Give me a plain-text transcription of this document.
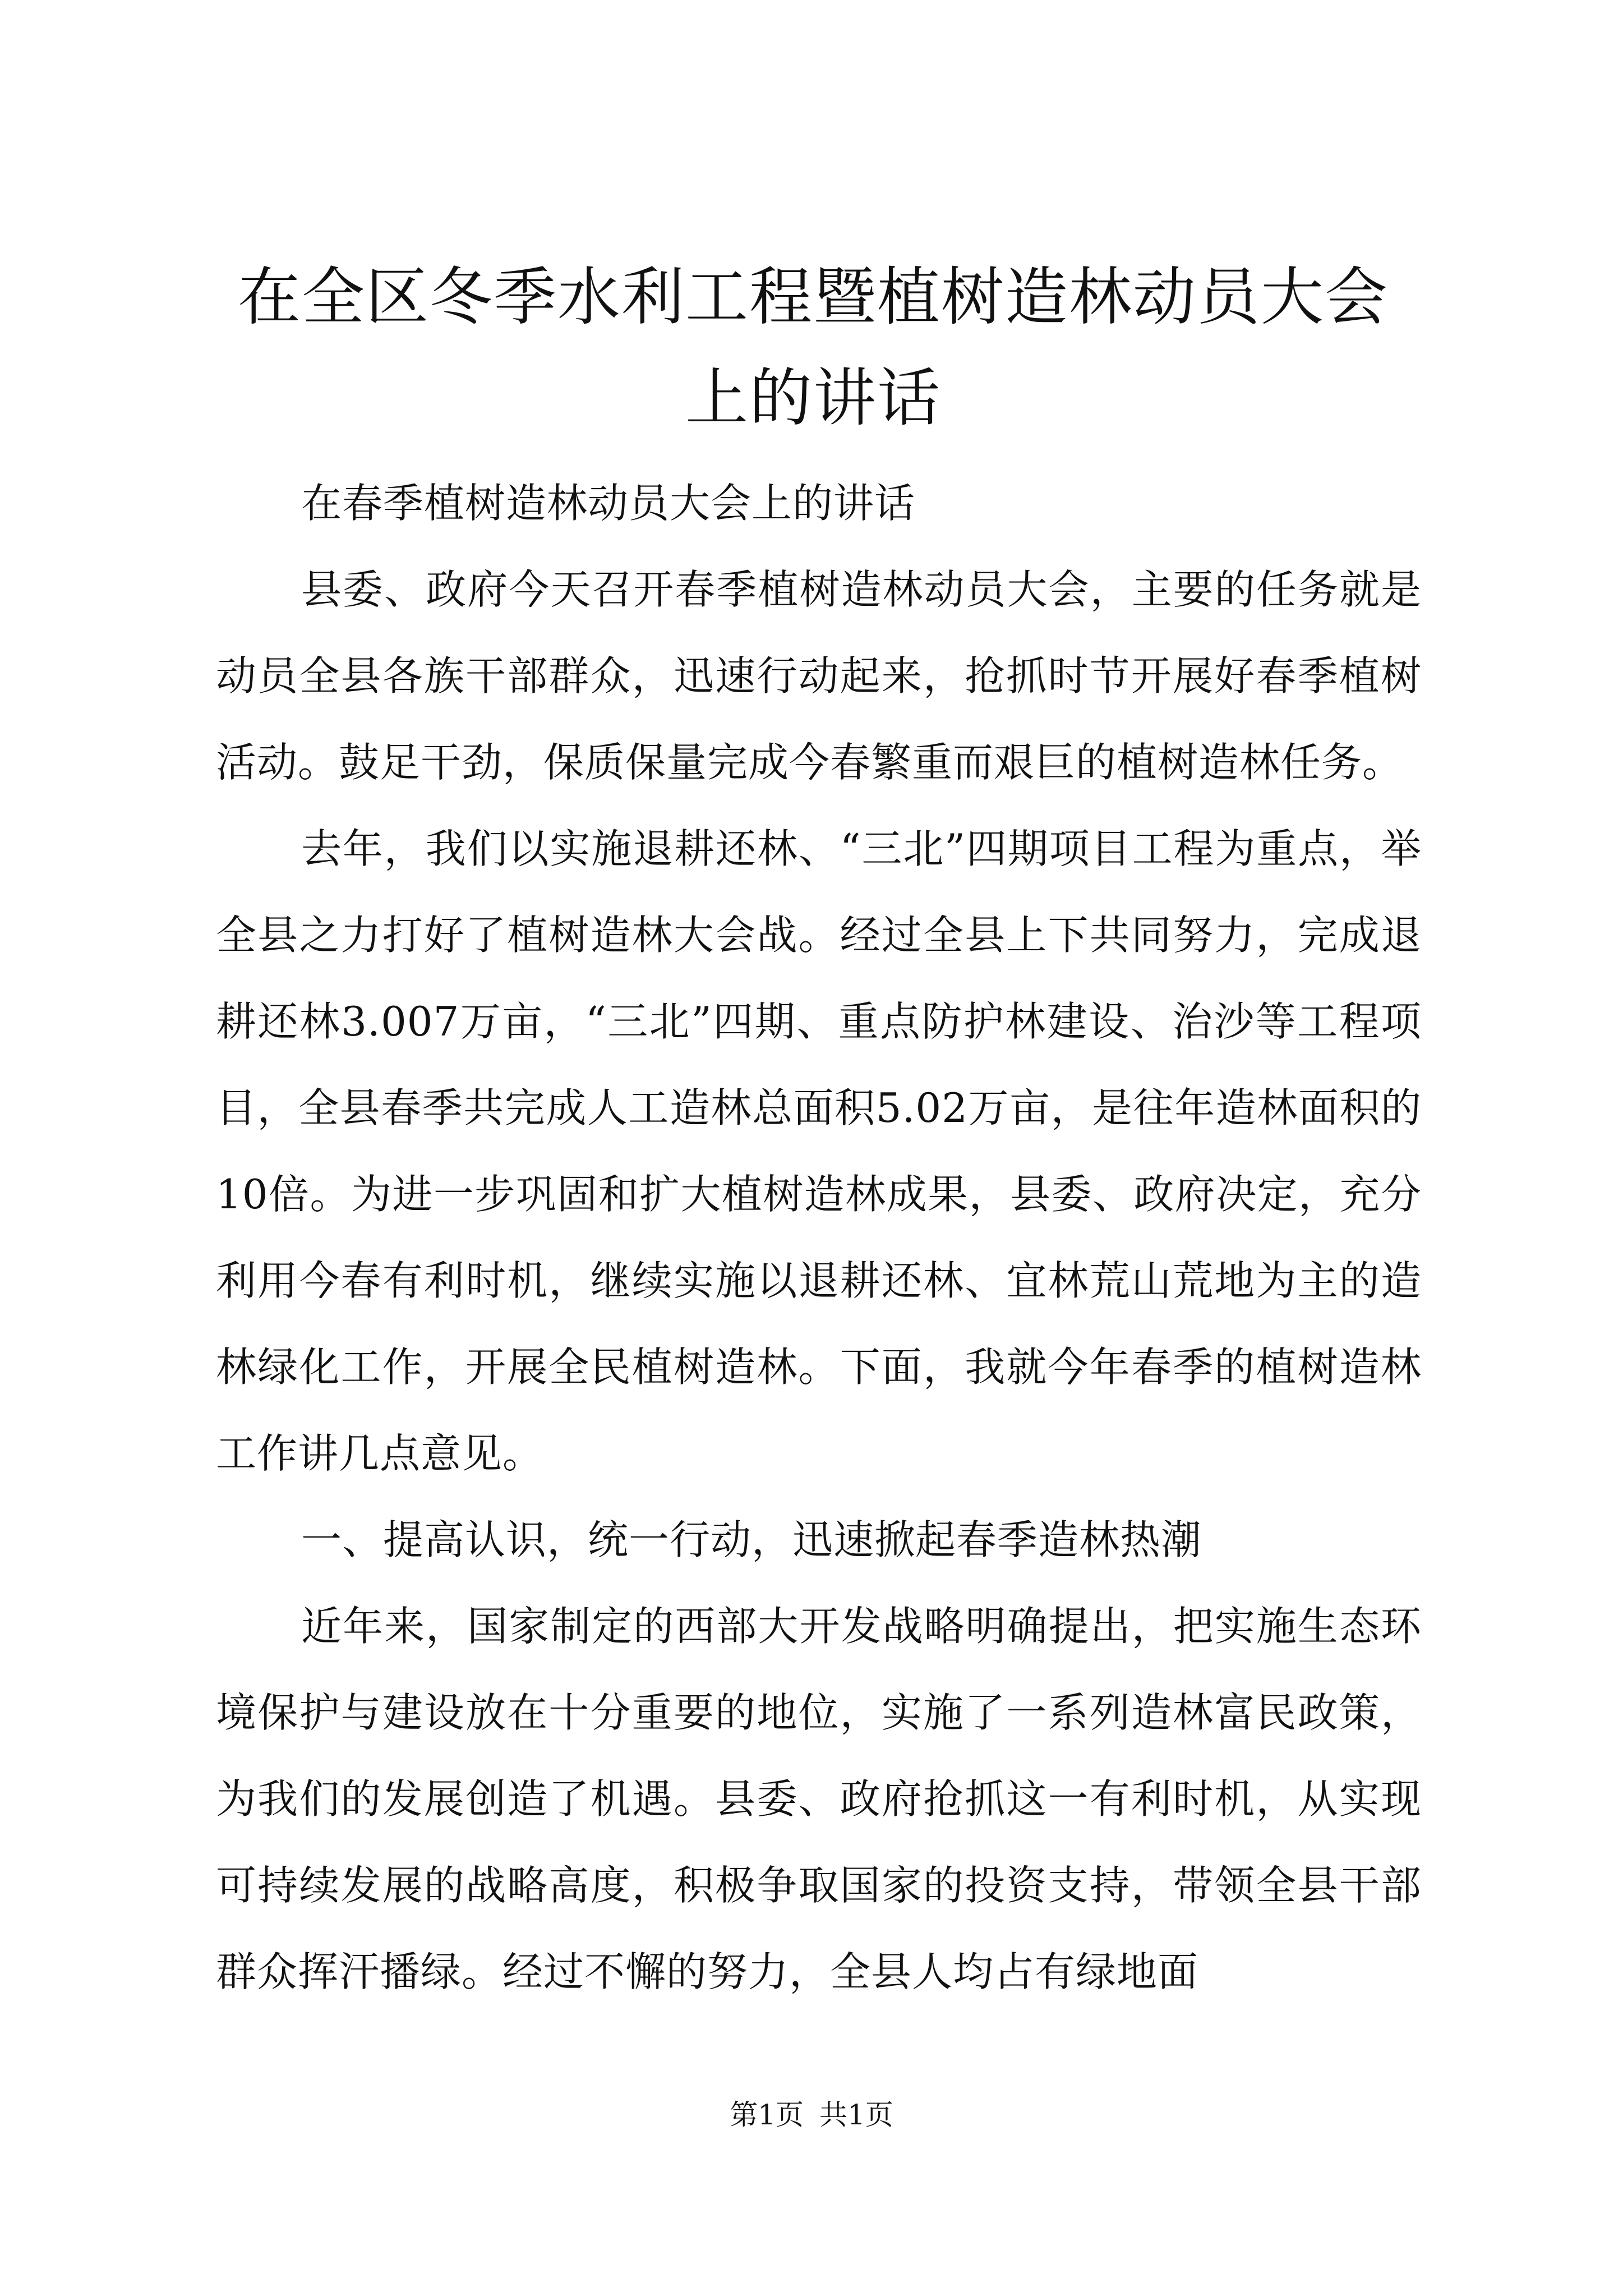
在全区冬季水利工程暨植树造林动员大会上的讲话

在春季植树造林动员大会上的讲话

县委、政府今天召开春季植树造林动员大会，主要的任务就是动员全县各族干部群众，迅速行动起来，抢抓时节开展好春季植树活动。鼓足干劲，保质保量完成今春繁重而艰巨的植树造林任务。

去年，我们以实施退耕还林、“三北”四期项目工程为重点，举全县之力打好了植树造林大会战。经过全县上下共同努力，完成退耕还林3.007万亩，“三北”四期、重点防护林建设、治沙等工程项目，全县春季共完成人工造林总面积5.02万亩，是往年造林面积的10倍。为进一步巩固和扩大植树造林成果，县委、政府决定，充分利用今春有利时机，继续实施以退耕还林、宜林荒山荒地为主的造林绿化工作，开展全民植树造林。下面，我就今年春季的植树造林工作讲几点意见。

一、提高认识，统一行动，迅速掀起春季造林热潮

近年来，国家制定的西部大开发战略明确提出，把实施生态环境保护与建设放在十分重要的地位，实施了一系列造林富民政策，为我们的发展创造了机遇。县委、政府抢抓这一有利时机，从实现可持续发展的战略高度，积极争取国家的投资支持，带领全县干部群众挥汗播绿。经过不懈的努力，全县人均占有绿地面

第1页 共1页
